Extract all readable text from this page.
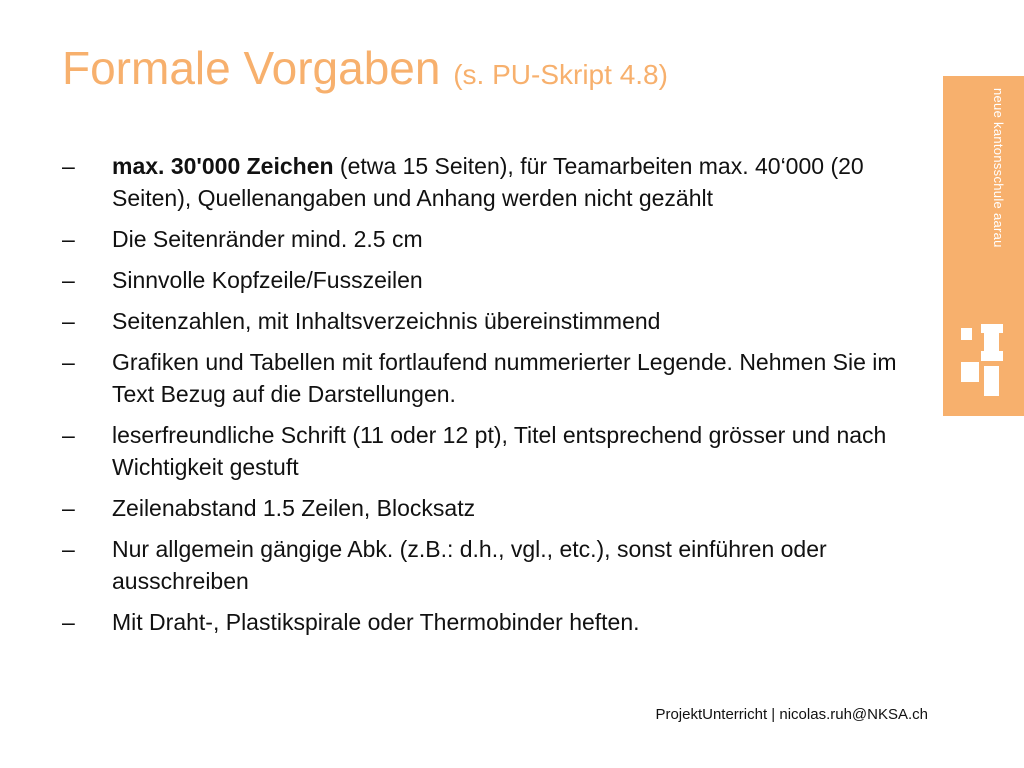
Formale Vorgaben (s. PU-Skript 4.8)
– max. 30'000 Zeichen (etwa 15 Seiten), für Teamarbeiten max. 40‘000 (20 Seiten), Quellenangaben und Anhang werden nicht gezählt
– Die Seitenränder mind. 2.5 cm
– Sinnvolle Kopfzeile/Fusszeilen
– Seitenzahlen, mit Inhaltsverzeichnis übereinstimmend
– Grafiken und Tabellen mit fortlaufend nummerierter Legende. Nehmen Sie im Text Bezug auf die Darstellungen.
– leserfreundliche Schrift (11 oder 12 pt), Titel entsprechend grösser und nach Wichtigkeit gestuft
– Zeilenabstand 1.5 Zeilen, Blocksatz
– Nur allgemein gängige Abk. (z.B.: d.h., vgl., etc.), sonst einführen oder ausschreiben
– Mit Draht-, Plastikspirale oder Thermobinder heften.
neue kantonsschule aarau
ProjektUnterricht | nicolas.ruh@NKSA.ch
